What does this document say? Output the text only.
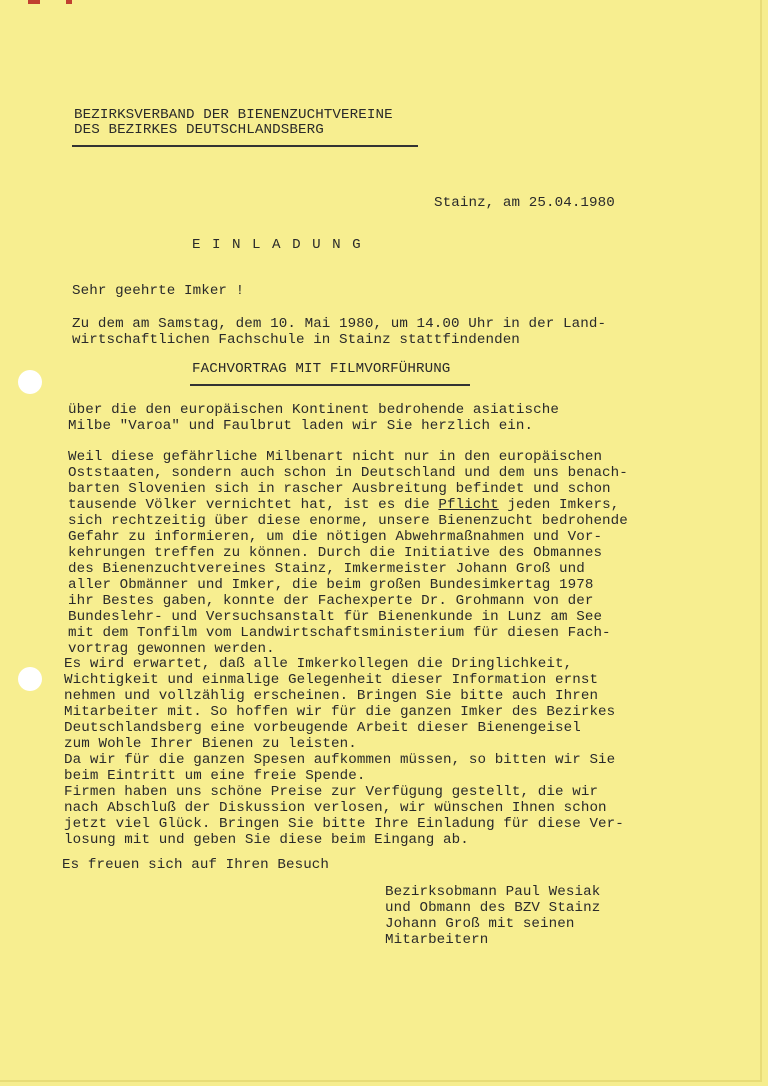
BEZIRKSVERBAND DER BIENENZUCHTVEREINE
DES BEZIRKES DEUTSCHLANDSBERG
Stainz, am 25.04.1980
EINLADUNG
Sehr geehrte Imker !
Zu dem am Samstag, dem 10. Mai 1980, um 14.00 Uhr in der Land-
wirtschaftlichen Fachschule in Stainz stattfindenden
FACHVORTRAG MIT FILMVORFÜHRUNG
über die den europäischen Kontinent bedrohende asiatische
Milbe "Varoa" und Faulbrut laden wir Sie herzlich ein.
Weil diese gefährliche Milbenart nicht nur in den europäischen
Oststaaten, sondern auch schon in Deutschland und dem uns benach-
barten Slovenien sich in rascher Ausbreitung befindet und schon
tausende Völker vernichtet hat, ist es die Pflicht jeden Imkers,
sich rechtzeitig über diese enorme, unsere Bienenzucht bedrohende
Gefahr zu informieren, um die nötigen Abwehrmaßnahmen und Vor-
kehrungen treffen zu können. Durch die Initiative des Obmannes
des Bienenzuchtvereines Stainz, Imkermeister Johann Groß und
aller Obmänner und Imker, die beim großen Bundesimkertag 1978
ihr Bestes gaben, konnte der Fachexperte Dr. Grohmann von der
Bundeslehr- und Versuchsanstalt für Bienenkunde in Lunz am See
mit dem Tonfilm vom Landwirtschaftsministerium für diesen Fach-
vortrag gewonnen werden.
Es wird erwartet, daß alle Imkerkollegen die Dringlichkeit,
Wichtigkeit und einmalige Gelegenheit dieser Information ernst
nehmen und vollzählig erscheinen. Bringen Sie bitte auch Ihren
Mitarbeiter mit. So hoffen wir für die ganzen Imker des Bezirkes
Deutschlandsberg eine vorbeugende Arbeit dieser Bienengeisel
zum Wohle Ihrer Bienen zu leisten.
Da wir für die ganzen Spesen aufkommen müssen, so bitten wir Sie
beim Eintritt um eine freie Spende.
Firmen haben uns schöne Preise zur Verfügung gestellt, die wir
nach Abschluß der Diskussion verlosen, wir wünschen Ihnen schon
jetzt viel Glück. Bringen Sie bitte Ihre Einladung für diese Ver-
losung mit und geben Sie diese beim Eingang ab.
Es freuen sich auf Ihren Besuch
Bezirksobmann Paul Wesiak
und Obmann des BZV Stainz
Johann Groß mit seinen
Mitarbeitern
